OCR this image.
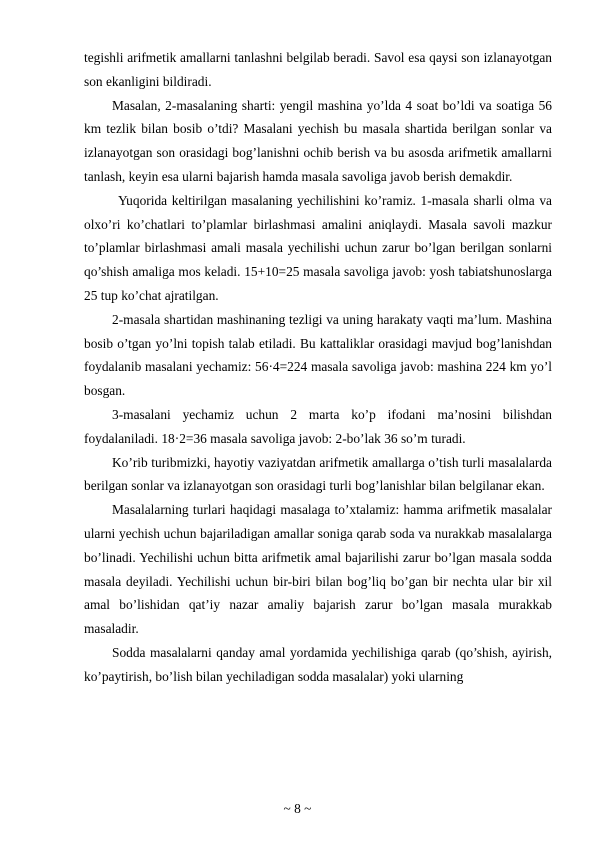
tegishli arifmetik amallarni tanlashni belgilab beradi. Savol esa qaysi son izlanayotgan son ekanligini bildiradi.

Masalan, 2-masalaning sharti: yengil mashina yo’lda 4 soat bo’ldi va soatiga 56 km tezlik bilan bosib o’tdi? Masalani yechish bu masala shartida berilgan sonlar va izlanayotgan son orasidagi bog’lanishni ochib berish va bu asosda arifmetik amallarni tanlash, keyin esa ularni bajarish hamda masala savoliga javob berish demakdir.

Yuqorida keltirilgan masalaning yechilishini ko’ramiz. 1-masala sharli olma va olxo’ri ko’chatlari to’plamlar birlashmasi amalini aniqlaydi. Masala savoli mazkur to’plamlar birlashmasi amali masala yechilishi uchun zarur bo’lgan berilgan sonlarni qo’shish amaliga mos keladi. 15+10=25 masala savoliga javob: yosh tabiatshunoslarga 25 tup ko’chat ajratilgan.

2-masala shartidan mashinaning tezligi va uning harakaty vaqti ma’lum. Mashina bosib o’tgan yo’lni topish talab etiladi. Bu kattaliklar orasidagi mavjud bog’lanishdan foydalanib masalani yechamiz: 56·4=224 masala savoliga javob: mashina 224 km yo’l bosgan.

3-masalani yechamiz uchun 2 marta ko’p ifodani ma’nosini bilishdan foydalaniladi. 18·2=36 masala savoliga javob: 2-bo’lak 36 so’m turadi.

Ko’rib turibmizki, hayotiy vaziyatdan arifmetik amallarga o’tish turli masalalarda berilgan sonlar va izlanayotgan son orasidagi turli bog’lanishlar bilan belgilanar ekan.

Masalalarning turlari haqidagi masalaga to’xtalamiz: hamma arifmetik masalalar ularni yechish uchun bajariladigan amallar soniga qarab soda va nurakkab masalalarga bo’linadi. Yechilishi uchun bitta arifmetik amal bajarilishi zarur bo’lgan masala sodda masala deyiladi. Yechilishi uchun bir-biri bilan bog’liq bo’gan bir nechta ular bir xil amal bo’lishidan qat’iy nazar amaliy bajarish zarur bo’lgan masala murakkab masaladir.

Sodda masalalarni qanday amal yordamida yechilishiga qarab (qo’shish, ayirish, ko’paytirish, bo’lish bilan yechiladigan sodda masalalar) yoki ularning

~ 8 ~
